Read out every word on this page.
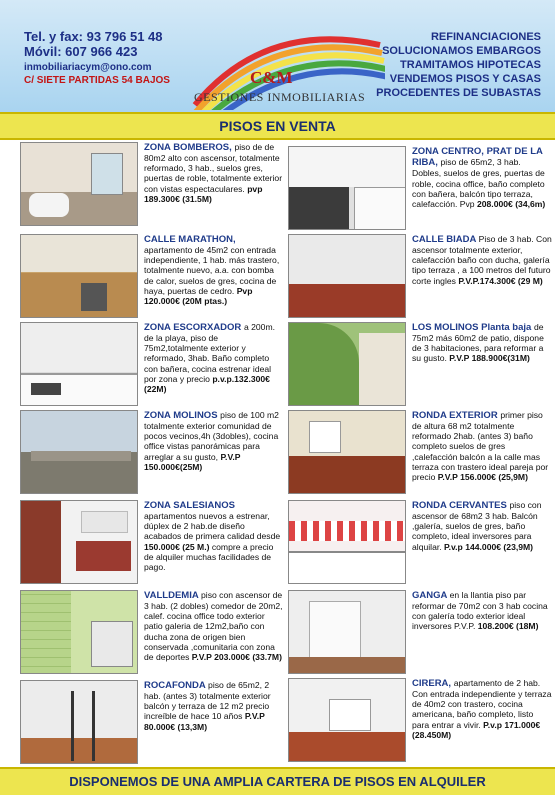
Tel. y fax: 93 796 51 48
Móvil: 607 966 423
inmobiliariacym@ono.com
C/ SIETE PARTIDAS 54 BAJOS	C&M
GESTIONES INMOBILIARIAS
REFINANCIACIONES
SOLUCIONAMOS EMBARGOS
TRAMITAMOS HIPOTECAS
VENDEMOS PISOS Y CASAS
PROCEDENTES DE SUBASTAS
PISOS EN VENTA
ZONA BOMBEROS, piso de de 80m2 alto con ascensor, totalmente reformado, 3 hab., suelos gres, puertas de roble, totalmente exterior con vistas espectaculares. pvp 189.300€ (31.5M)
CALLE MARATHON, apartamento de 45m2 con entrada independiente, 1 hab. más trastero, totalmente nuevo, a.a. con bomba de calor, suelos de gres, cocina de haya, puertas de cedro. Pvp 120.000€ (20M ptas.)
ZONA ESCORXADOR a 200m. de la playa, piso de 75m2,totalmente exterior y reformado, 3hab. Baño completo con bañera, cocina estrenar ideal por zona y precio p.v.p.132.300€ (22M)
ZONA MOLINOS piso de 100 m2 totalmente exterior comunidad de pocos vecinos,4h (3dobles), cocina office vistas panorámicas para arreglar a su gusto, P.V.P 150.000€(25M)
ZONA SALESIANOS apartamentos nuevos a estrenar, dúplex de 2 hab.de diseño acabados de primera calidad desde 150.000€ (25 M.) compre a precio de alquiler muchas facilidades de pago.
VALLDEMIA piso con ascensor de 3 hab. (2 dobles) comedor de 20m2, calef. cocina office todo exterior patio galeria de 12m2,baño con ducha zona de origen bien conservada ,comunitaria con zona de deportes P.V.P 203.000€ (33.7M)
ROCAFONDA piso de 65m2, 2 hab. (antes 3) totalmente exterior balcón y terraza de 12 m2 precio increíble de hace 10 años P.V.P 80.000€ (13,3M)
ZONA CENTRO, PRAT DE LA RIBA, piso de 65m2, 3 hab. Dobles, suelos de gres, puertas de roble, cocina office, baño completo con bañera, balcón tipo terraza, calefacción. Pvp 208.000€ (34,6m)
CALLE BIADA Piso de 3 hab. Con ascensor totalmente exterior, calefacción baño con ducha, galería tipo terraza , a 100 metros del futuro corte ingles P.V.P.174.300€ (29 M)
LOS MOLINOS Planta baja de 75m2 más 60m2 de patio, dispone de 3 habitaciones, para reformar a su gusto. P.V.P 188.900€(31M)
RONDA EXTERIOR primer piso de altura 68 m2 totalmente reformado 2hab. (antes 3) baño completo suelos de gres ,calefacción balcón a la calle mas terraza con trastero ideal pareja por precio P.V.P 156.000€ (25,9M)
RONDA CERVANTES piso con ascensor de 68m2 3 hab. Balcón ,galería, suelos de gres, baño completo, ideal inversores para alquilar. P.v.p 144.000€ (23,9M)
GANGA en la llantia piso par reformar de 70m2 con 3 hab cocina con galería todo exterior ideal inversores P.V.P. 108.200€ (18M)
CIRERA, apartamento de 2 hab. Con entrada independiente y terraza de 40m2 con trastero, cocina americana, baño completo, listo para entrar a vivir. P.v.p 171.000€ (28.450M)
DISPONEMOS DE UNA AMPLIA CARTERA DE PISOS EN ALQUILER
